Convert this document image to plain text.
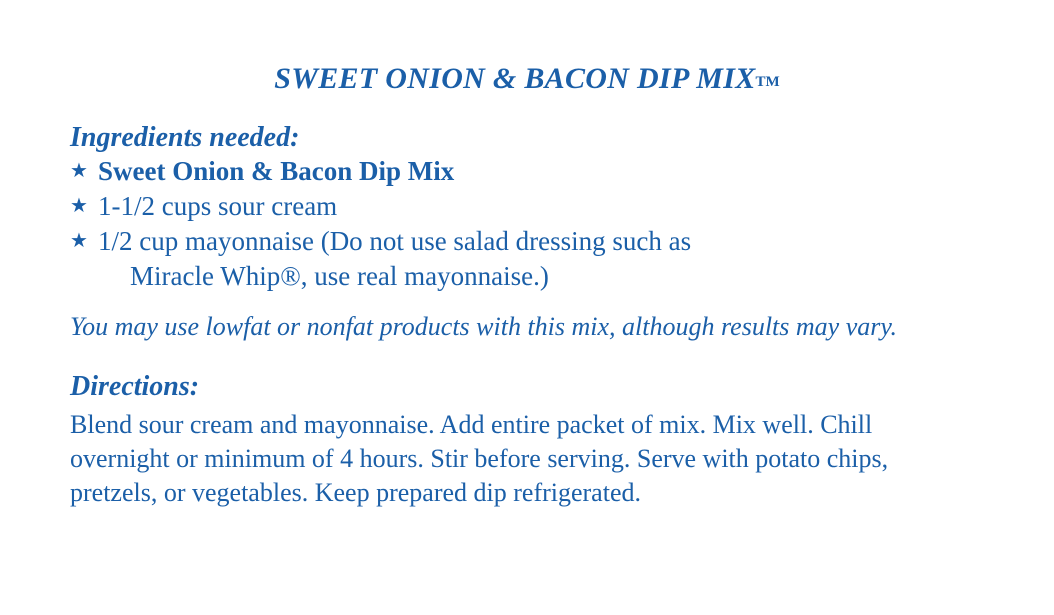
SWEET ONION & BACON DIP MIXTM
Ingredients needed:
★ Sweet Onion & Bacon Dip Mix
★ 1-1/2 cups sour cream
★ 1/2 cup mayonnaise (Do not use salad dressing such as
Miracle Whip®, use real mayonnaise.)
You may use lowfat or nonfat products with this mix, although results may vary.
Directions:
Blend sour cream and mayonnaise. Add entire packet of mix. Mix well. Chill overnight or minimum of 4 hours. Stir before serving. Serve with potato chips, pretzels, or vegetables. Keep prepared dip refrigerated.
